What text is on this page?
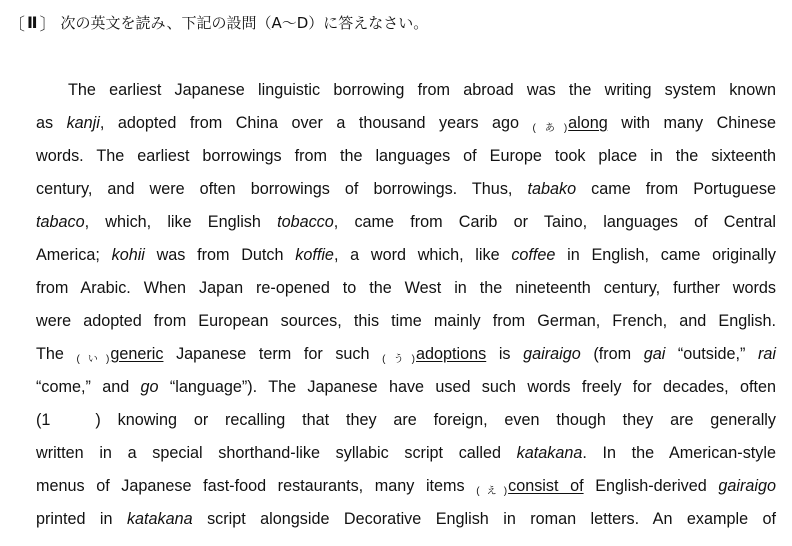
〔 Ⅱ 〕 次の英文を読み、下記の設問（A～D）に答えなさい。
The earliest Japanese linguistic borrowing from abroad was the writing system known
as kanji, adopted from China over a thousand years ago (あ)along with many Chinese
words. The earliest borrowings from the languages of Europe took place in the sixteenth
century, and were often borrowings of borrowings. Thus, tabako came from Portuguese
tabaco, which, like English tobacco, came from Carib or Taino, languages of Central
America; kohii was from Dutch koffie, a word which, like coffee in English, came originally
from Arabic. When Japan re-opened to the West in the nineteenth century, further words
were adopted from European sources, this time mainly from German, French, and English.
The (い)generic Japanese term for such (う)adoptions is gairaigo (from gai “outside,” rai
“come,” and go “language”). The Japanese have used such words freely for decades, often
(1	) knowing or recalling that they are foreign, even though they are generally
written in a special shorthand-like syllabic script called katakana. In the American-style
menus of Japanese fast-food restaurants, many items (え)consist of English-derived gairaigo
printed in katakana script alongside Decorative English in roman letters. An example of
